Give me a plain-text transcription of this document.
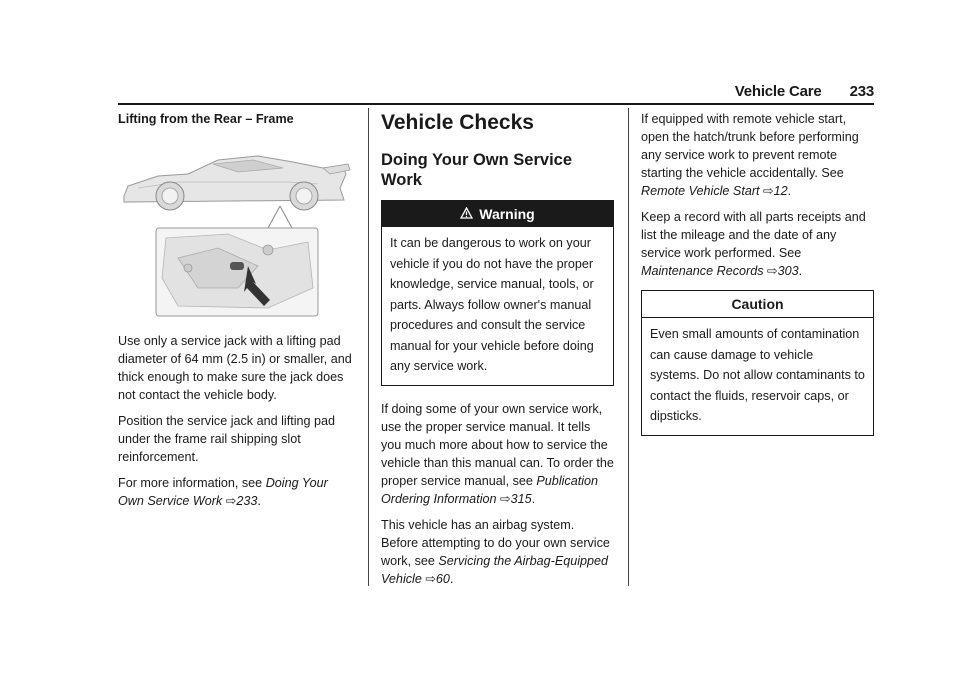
Vehicle Care 233
Lifting from the Rear – Frame

Use only a service jack with a lifting pad diameter of 64 mm (2.5 in) or smaller, and thick enough to make sure the jack does not contact the vehicle body.

Position the service jack and lifting pad under the frame rail shipping slot reinforcement.

For more information, see Doing Your Own Service Work ⇨233.

Vehicle Checks
Doing Your Own Service Work
Warning
It can be dangerous to work on your vehicle if you do not have the proper knowledge, service manual, tools, or parts. Always follow owner's manual procedures and consult the service manual for your vehicle before doing any service work.

If doing some of your own service work, use the proper service manual. It tells you much more about how to service the vehicle than this manual can. To order the proper service manual, see Publication Ordering Information ⇨315.

This vehicle has an airbag system. Before attempting to do your own service work, see Servicing the Airbag-Equipped Vehicle ⇨60.

If equipped with remote vehicle start, open the hatch/trunk before performing any service work to prevent remote starting the vehicle accidentally. See Remote Vehicle Start ⇨12.

Keep a record with all parts receipts and list the mileage and the date of any service work performed. See Maintenance Records ⇨303.

Caution
Even small amounts of contamination can cause damage to vehicle systems. Do not allow contaminants to contact the fluids, reservoir caps, or dipsticks.
